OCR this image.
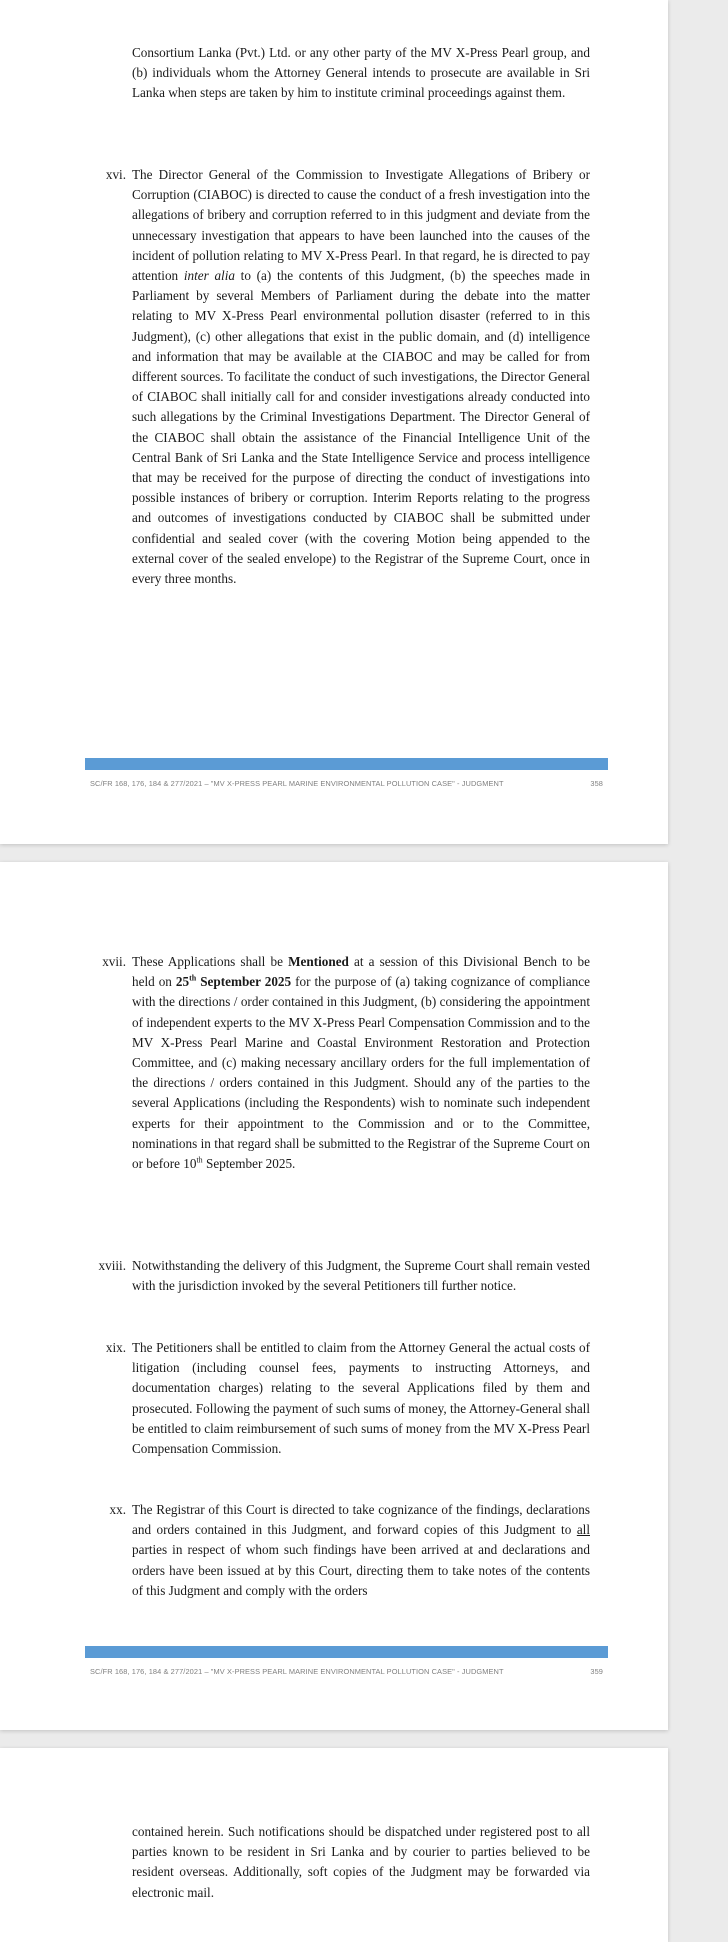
Consortium Lanka (Pvt.) Ltd. or any other party of the MV X-Press Pearl group, and (b) individuals whom the Attorney General intends to prosecute are available in Sri Lanka when steps are taken by him to institute criminal proceedings against them.

xvi. The Director General of the Commission to Investigate Allegations of Bribery or Corruption (CIABOC) is directed to cause the conduct of a fresh investigation into the allegations of bribery and corruption referred to in this judgment and deviate from the unnecessary investigation that appears to have been launched into the causes of the incident of pollution relating to MV X-Press Pearl. In that regard, he is directed to pay attention inter alia to (a) the contents of this Judgment, (b) the speeches made in Parliament by several Members of Parliament during the debate into the matter relating to MV X-Press Pearl environmental pollution disaster (referred to in this Judgment), (c) other allegations that exist in the public domain, and (d) intelligence and information that may be available at the CIABOC and may be called for from different sources. To facilitate the conduct of such investigations, the Director General of CIABOC shall initially call for and consider investigations already conducted into such allegations by the Criminal Investigations Department. The Director General of the CIABOC shall obtain the assistance of the Financial Intelligence Unit of the Central Bank of Sri Lanka and the State Intelligence Service and process intelligence that may be received for the purpose of directing the conduct of investigations into possible instances of bribery or corruption. Interim Reports relating to the progress and outcomes of investigations conducted by CIABOC shall be submitted under confidential and sealed cover (with the covering Motion being appended to the external cover of the sealed envelope) to the Registrar of the Supreme Court, once in every three months.

SC/FR 168, 176, 184 & 277/2021 – "MV X-PRESS PEARL MARINE ENVIRONMENTAL POLLUTION CASE" - JUDGMENT	358
xvii. These Applications shall be Mentioned at a session of this Divisional Bench to be held on 25th September 2025 for the purpose of (a) taking cognizance of compliance with the directions / order contained in this Judgment, (b) considering the appointment of independent experts to the MV X-Press Pearl Compensation Commission and to the MV X-Press Pearl Marine and Coastal Environment Restoration and Protection Committee, and (c) making necessary ancillary orders for the full implementation of the directions / orders contained in this Judgment. Should any of the parties to the several Applications (including the Respondents) wish to nominate such independent experts for their appointment to the Commission and or to the Committee, nominations in that regard shall be submitted to the Registrar of the Supreme Court on or before 10th September 2025.

xviii. Notwithstanding the delivery of this Judgment, the Supreme Court shall remain vested with the jurisdiction invoked by the several Petitioners till further notice.

xix. The Petitioners shall be entitled to claim from the Attorney General the actual costs of litigation (including counsel fees, payments to instructing Attorneys, and documentation charges) relating to the several Applications filed by them and prosecuted. Following the payment of such sums of money, the Attorney-General shall be entitled to claim reimbursement of such sums of money from the MV X-Press Pearl Compensation Commission.

xx. The Registrar of this Court is directed to take cognizance of the findings, declarations and orders contained in this Judgment, and forward copies of this Judgment to all parties in respect of whom such findings have been arrived at and declarations and orders have been issued at by this Court, directing them to take notes of the contents of this Judgment and comply with the orders

SC/FR 168, 176, 184 & 277/2021 – "MV X-PRESS PEARL MARINE ENVIRONMENTAL POLLUTION CASE" - JUDGMENT	359

contained herein. Such notifications should be dispatched under registered post to all parties known to be resident in Sri Lanka and by courier to parties believed to be resident overseas. Additionally, soft copies of the Judgment may be forwarded via electronic mail.
